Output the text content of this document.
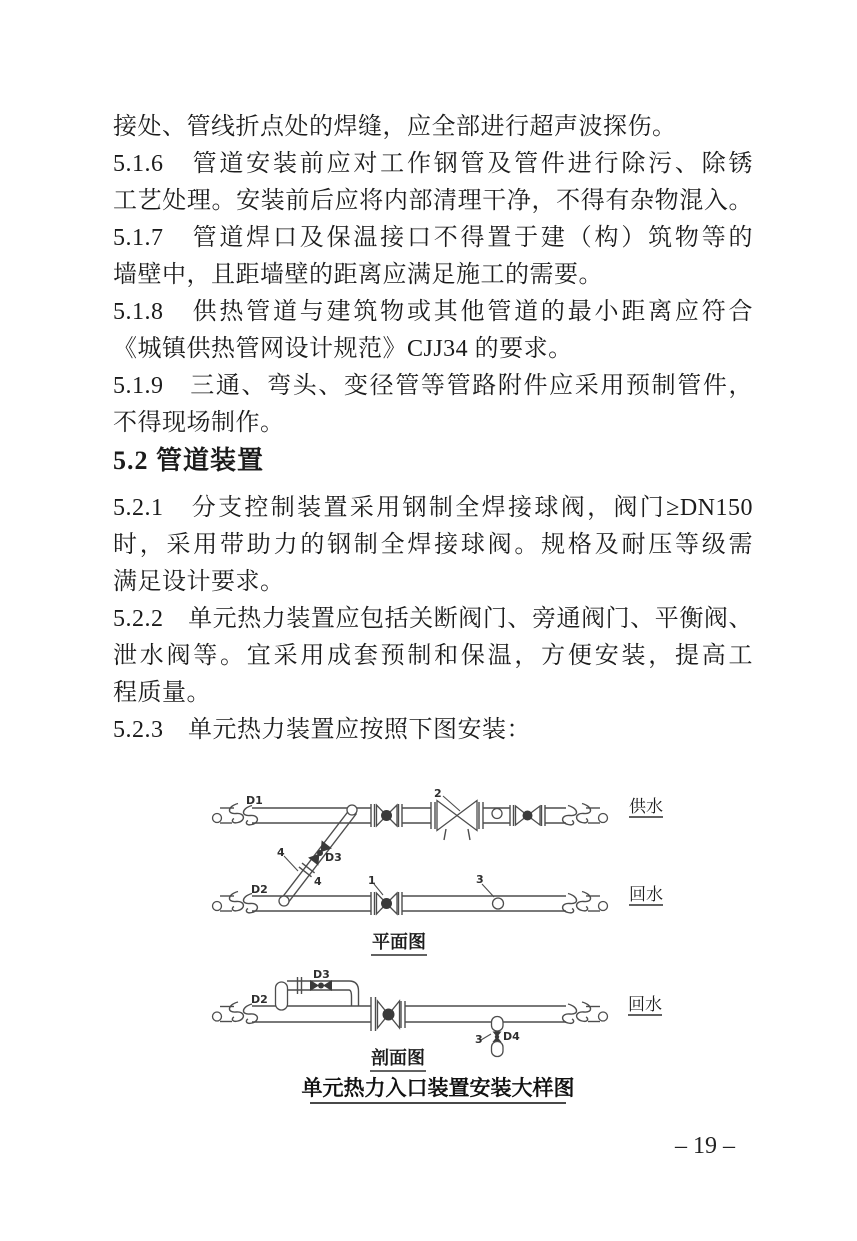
接处、管线折点处的焊缝，应全部进行超声波探伤。
5.1.6　管道安装前应对工作钢管及管件进行除污、除锈
工艺处理。安装前后应将内部清理干净，不得有杂物混入。
5.1.7　管道焊口及保温接口不得置于建（构）筑物等的
墙壁中，且距墙壁的距离应满足施工的需要。
5.1.8　供热管道与建筑物或其他管道的最小距离应符合
《城镇供热管网设计规范》CJJ34 的要求。
5.1.9　三通、弯头、变径管等管路附件应采用预制管件，
不得现场制作。
5.2 管道装置
5.2.1　分支控制装置采用钢制全焊接球阀，阀门≥DN150
时，采用带助力的钢制全焊接球阀。规格及耐压等级需
满足设计要求。
5.2.2　单元热力装置应包括关断阀门、旁通阀门、平衡阀、
泄水阀等。宜采用成套预制和保温，方便安装，提高工
程质量。
5.2.3　单元热力装置应按照下图安装：
D1
D2
D3
2
1	3
4
4
供水
回水
平面图
D2
D3
3 D4
回水
剖面图
单元热力入口装置安装大样图
– 19 –
